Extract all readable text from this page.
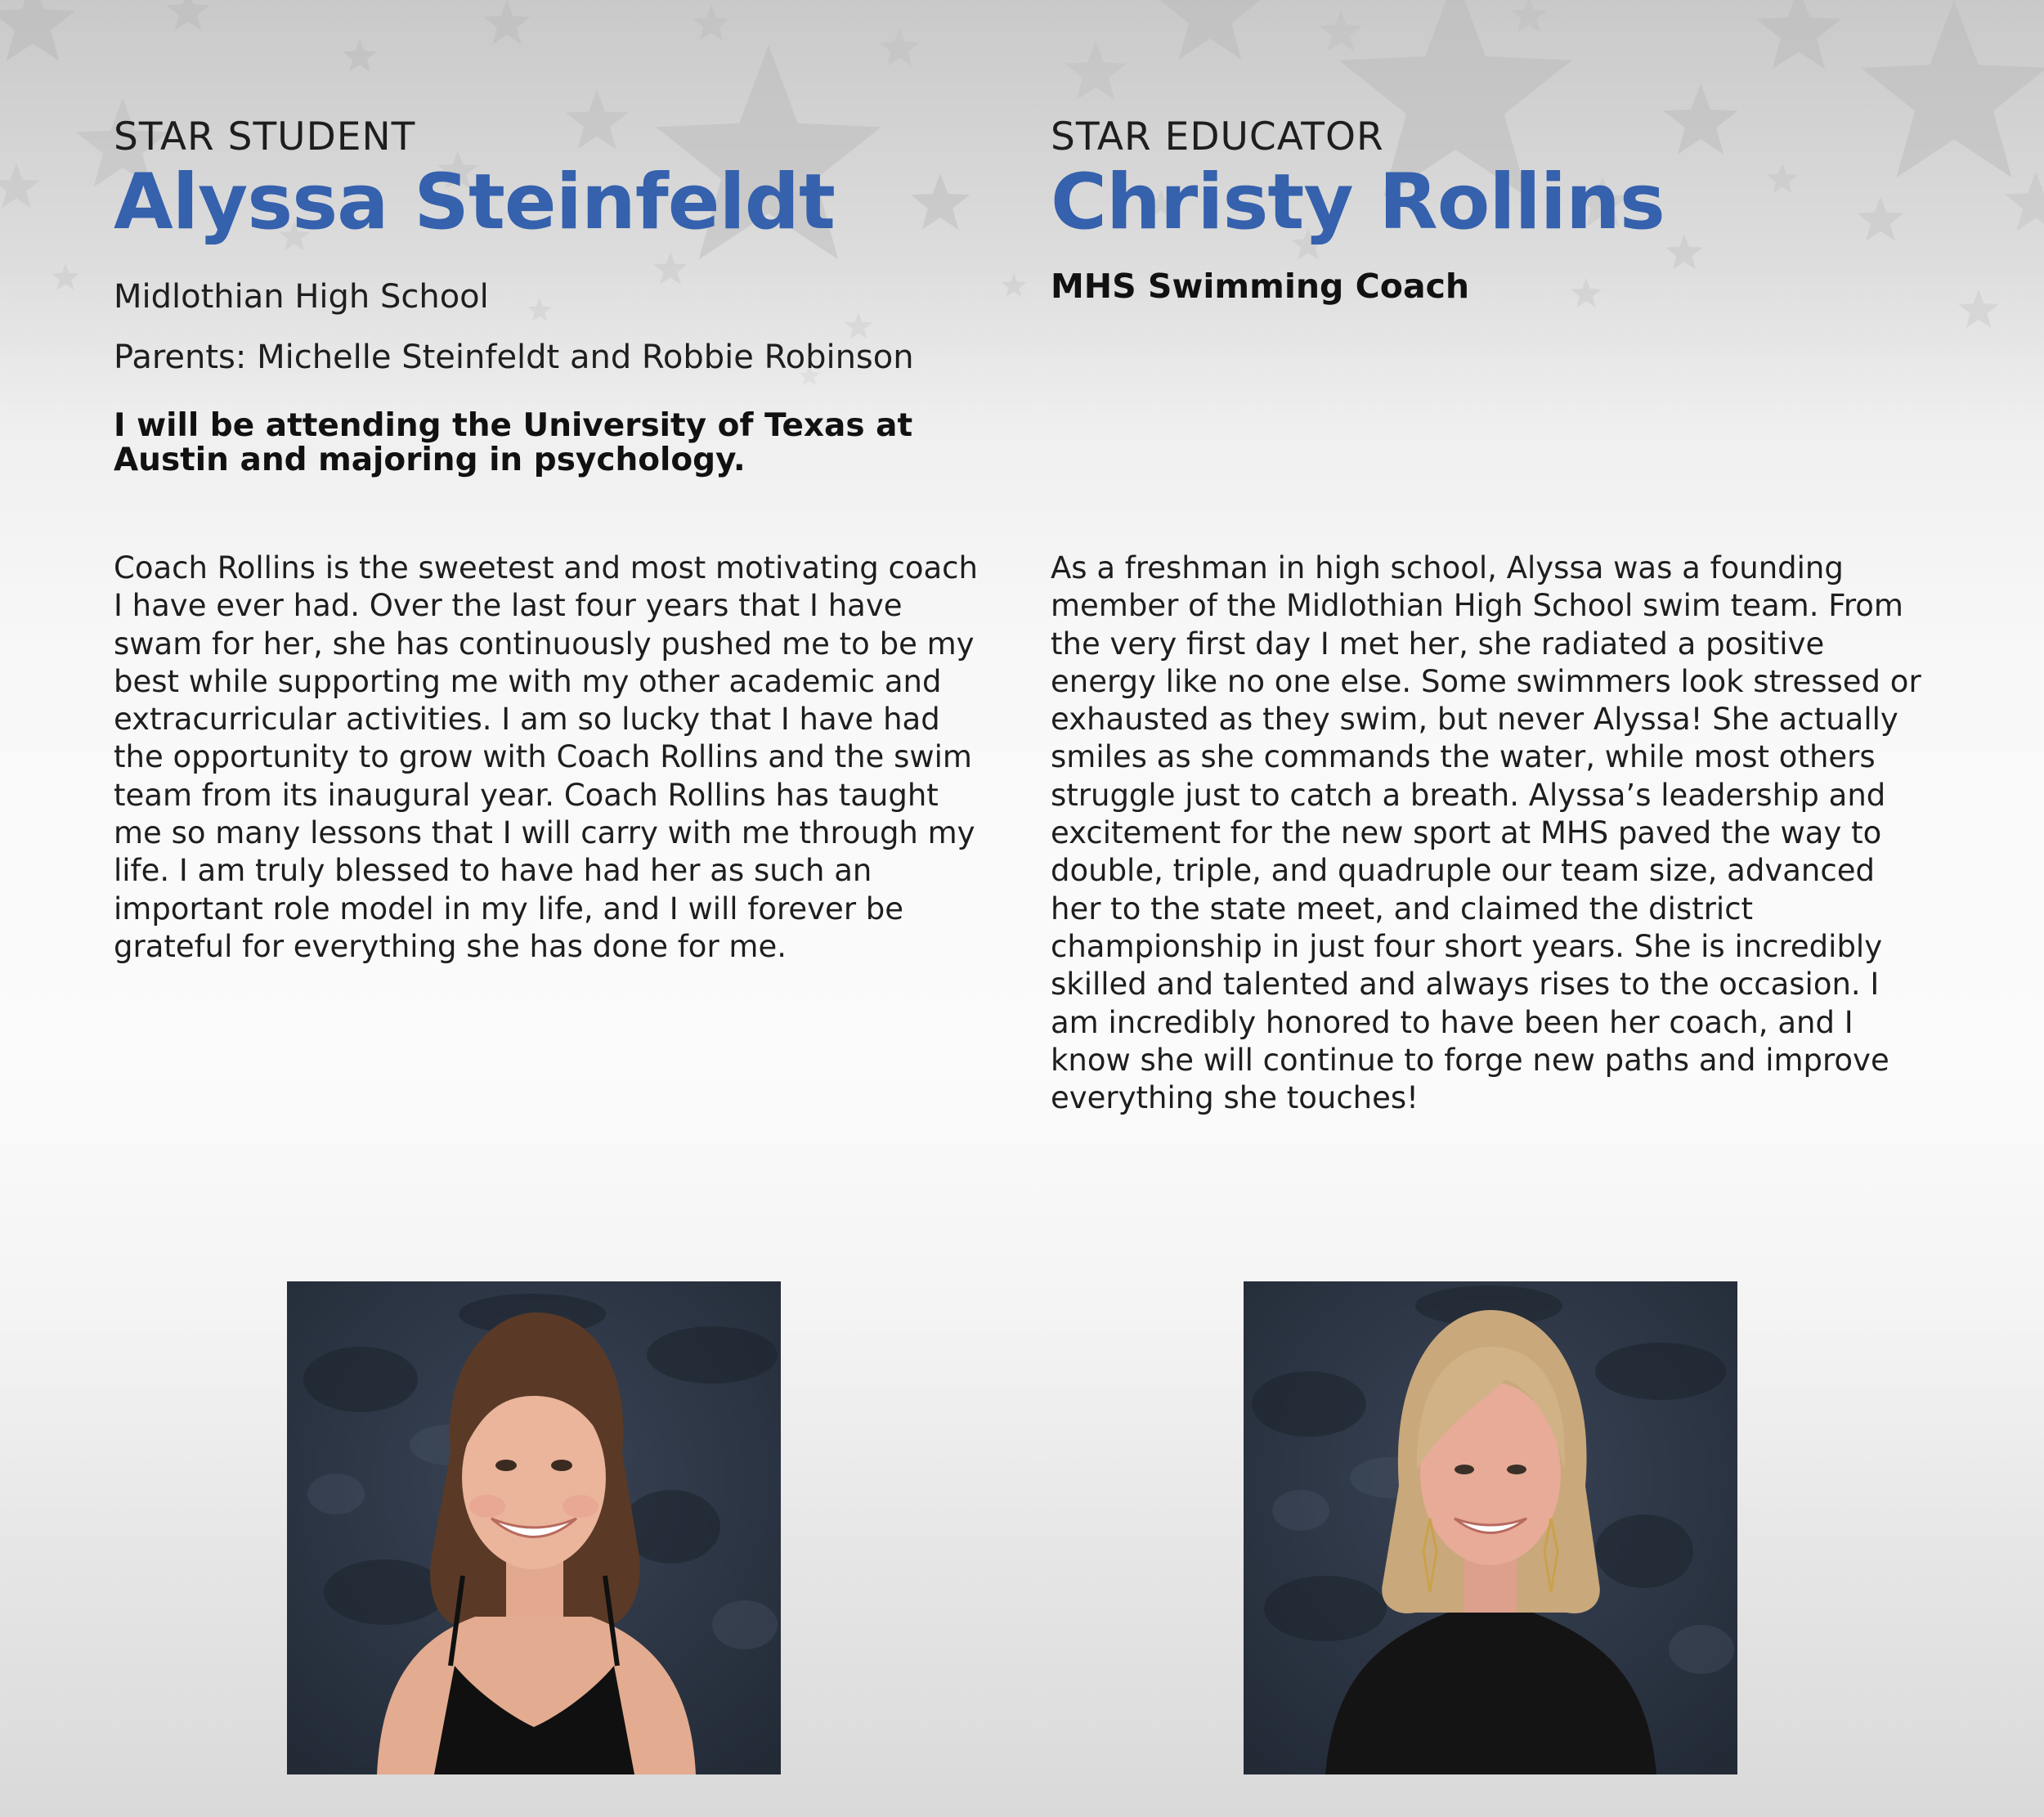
STAR STUDENT
Alyssa Steinfeldt
Midlothian High School
Parents: Michelle Steinfeldt and Robbie Robinson
I will be attending the University of Texas at Austin and majoring in psychology.
Coach Rollins is the sweetest and most motivating coach I have ever had. Over the last four years that I have swam for her, she has continuously pushed me to be my best while supporting me with my other academic and extracurricular activities. I am so lucky that I have had the opportunity to grow with Coach Rollins and the swim team from its inaugural year. Coach Rollins has taught me so many lessons that I will carry with me through my life. I am truly blessed to have had her as such an important role model in my life, and I will forever be grateful for everything she has done for me.
STAR EDUCATOR
Christy Rollins
MHS Swimming Coach
As a freshman in high school, Alyssa was a founding member of the Midlothian High School swim team. From the very first day I met her, she radiated a positive energy like no one else. Some swimmers look stressed or exhausted as they swim, but never Alyssa! She actually smiles as she commands the water, while most others struggle just to catch a breath. Alyssa’s leadership and excitement for the new sport at MHS paved the way to double, triple, and quadruple our team size, advanced her to the state meet, and claimed the district championship in just four short years. She is incredibly skilled and talented and always rises to the occasion. I am incredibly honored to have been her coach, and I know she will continue to forge new paths and improve everything she touches!
